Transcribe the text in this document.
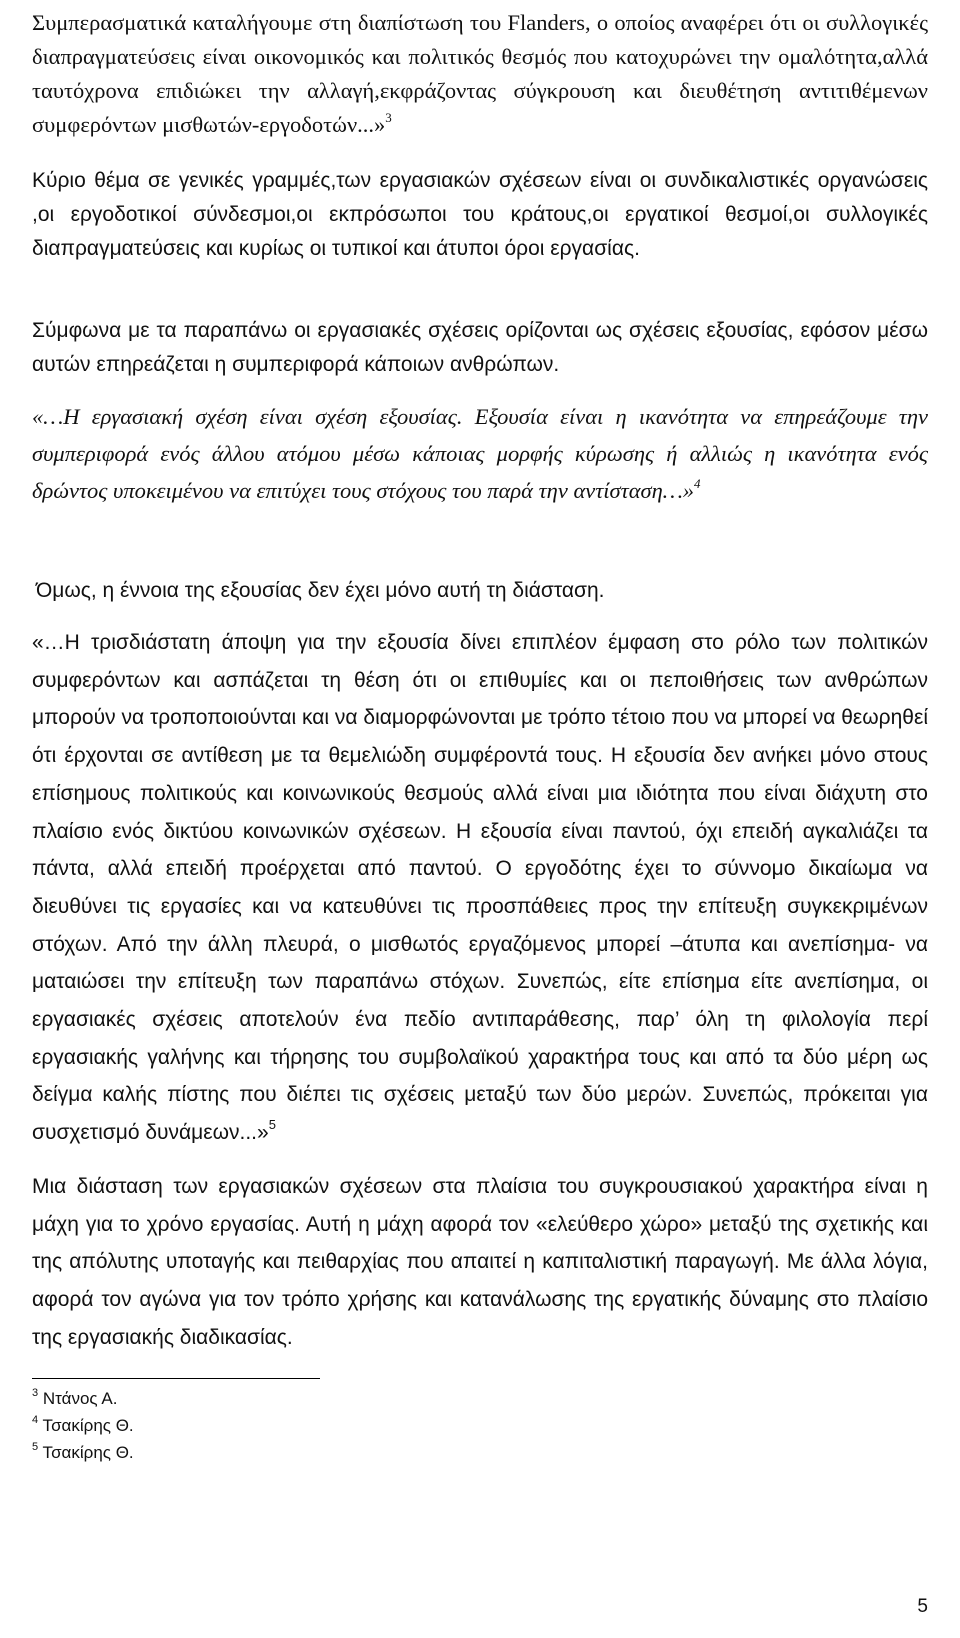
Συμπερασματικά καταλήγουμε στη διαπίστωση του Flanders, ο οποίος αναφέρει ότι οι συλλογικές διαπραγματεύσεις είναι οικονομικός και πολιτικός θεσμός που κατοχυρώνει την ομαλότητα,αλλά ταυτόχρονα επιδιώκει την αλλαγή,εκφράζοντας σύγκρουση και διευθέτηση αντιτιθέμενων συμφερόντων μισθωτών-εργοδοτών...»$^3$

Κύριο θέμα σε γενικές γραμμές,των εργασιακών σχέσεων είναι οι συνδικαλιστικές οργανώσεις ,οι εργοδοτικοί σύνδεσμοι,οι εκπρόσωποι του κράτους,οι εργατικοί θεσμοί,οι συλλογικές διαπραγματεύσεις και κυρίως οι τυπικοί και άτυποι όροι εργασίας.

Σύμφωνα με τα παραπάνω οι εργασιακές σχέσεις ορίζονται ως σχέσεις εξουσίας, εφόσον μέσω αυτών επηρεάζεται η συμπεριφορά κάποιων ανθρώπων.

«…Η εργασιακή σχέση είναι σχέση εξουσίας. Εξουσία είναι η ικανότητα να επηρεάζουμε την συμπεριφορά ενός άλλου ατόμου μέσω κάποιας μορφής κύρωσης ή αλλιώς η ικανότητα ενός δρώντος υποκειμένου να επιτύχει τους στόχους του παρά την αντίσταση…»$^4$

Όμως, η έννοια της εξουσίας δεν έχει μόνο αυτή τη διάσταση.

«…Η τρισδιάστατη άποψη για την εξουσία δίνει επιπλέον έμφαση στο ρόλο των πολιτικών συμφερόντων και ασπάζεται τη θέση ότι οι επιθυμίες και οι πεποιθήσεις των ανθρώπων μπορούν να τροποποιούνται και να διαμορφώνονται με τρόπο τέτοιο που να μπορεί να θεωρηθεί ότι έρχονται σε αντίθεση με τα θεμελιώδη συμφέροντά τους. Η εξουσία δεν ανήκει μόνο στους επίσημους πολιτικούς και κοινωνικούς θεσμούς αλλά είναι μια ιδιότητα που είναι διάχυτη στο πλαίσιο ενός δικτύου κοινωνικών σχέσεων. Η εξουσία είναι παντού, όχι επειδή αγκαλιάζει τα πάντα, αλλά επειδή προέρχεται από παντού. Ο εργοδότης έχει το σύννομο δικαίωμα να διευθύνει τις εργασίες και να κατευθύνει τις προσπάθειες προς την επίτευξη συγκεκριμένων στόχων. Από την άλλη πλευρά, ο μισθωτός εργαζόμενος μπορεί –άτυπα και ανεπίσημα- να ματαιώσει την επίτευξη των παραπάνω στόχων. Συνεπώς, είτε επίσημα είτε ανεπίσημα, οι εργασιακές σχέσεις αποτελούν ένα πεδίο αντιπαράθεσης, παρ’ όλη τη φιλολογία περί εργασιακής γαλήνης και τήρησης του συμβολαϊκού χαρακτήρα τους και από τα δύο μέρη ως δείγμα καλής πίστης που διέπει τις σχέσεις μεταξύ των δύο μερών. Συνεπώς, πρόκειται για συσχετισμό δυνάμεων...»$^5$

Μια διάσταση των εργασιακών σχέσεων στα πλαίσια του συγκρουσιακού χαρακτήρα είναι η μάχη για το χρόνο εργασίας. Αυτή η μάχη αφορά τον «ελεύθερο χώρο» μεταξύ της σχετικής και της απόλυτης υποταγής και πειθαρχίας που απαιτεί η καπιταλιστική παραγωγή. Με άλλα λόγια, αφορά τον αγώνα για τον τρόπο χρήσης και κατανάλωσης της εργατικής δύναμης στο πλαίσιο της εργασιακής διαδικασίας.

$^3$ Ντάνος Α.
$^4$ Τσακίρης Θ.
$^5$ Τσακίρης Θ.
5
